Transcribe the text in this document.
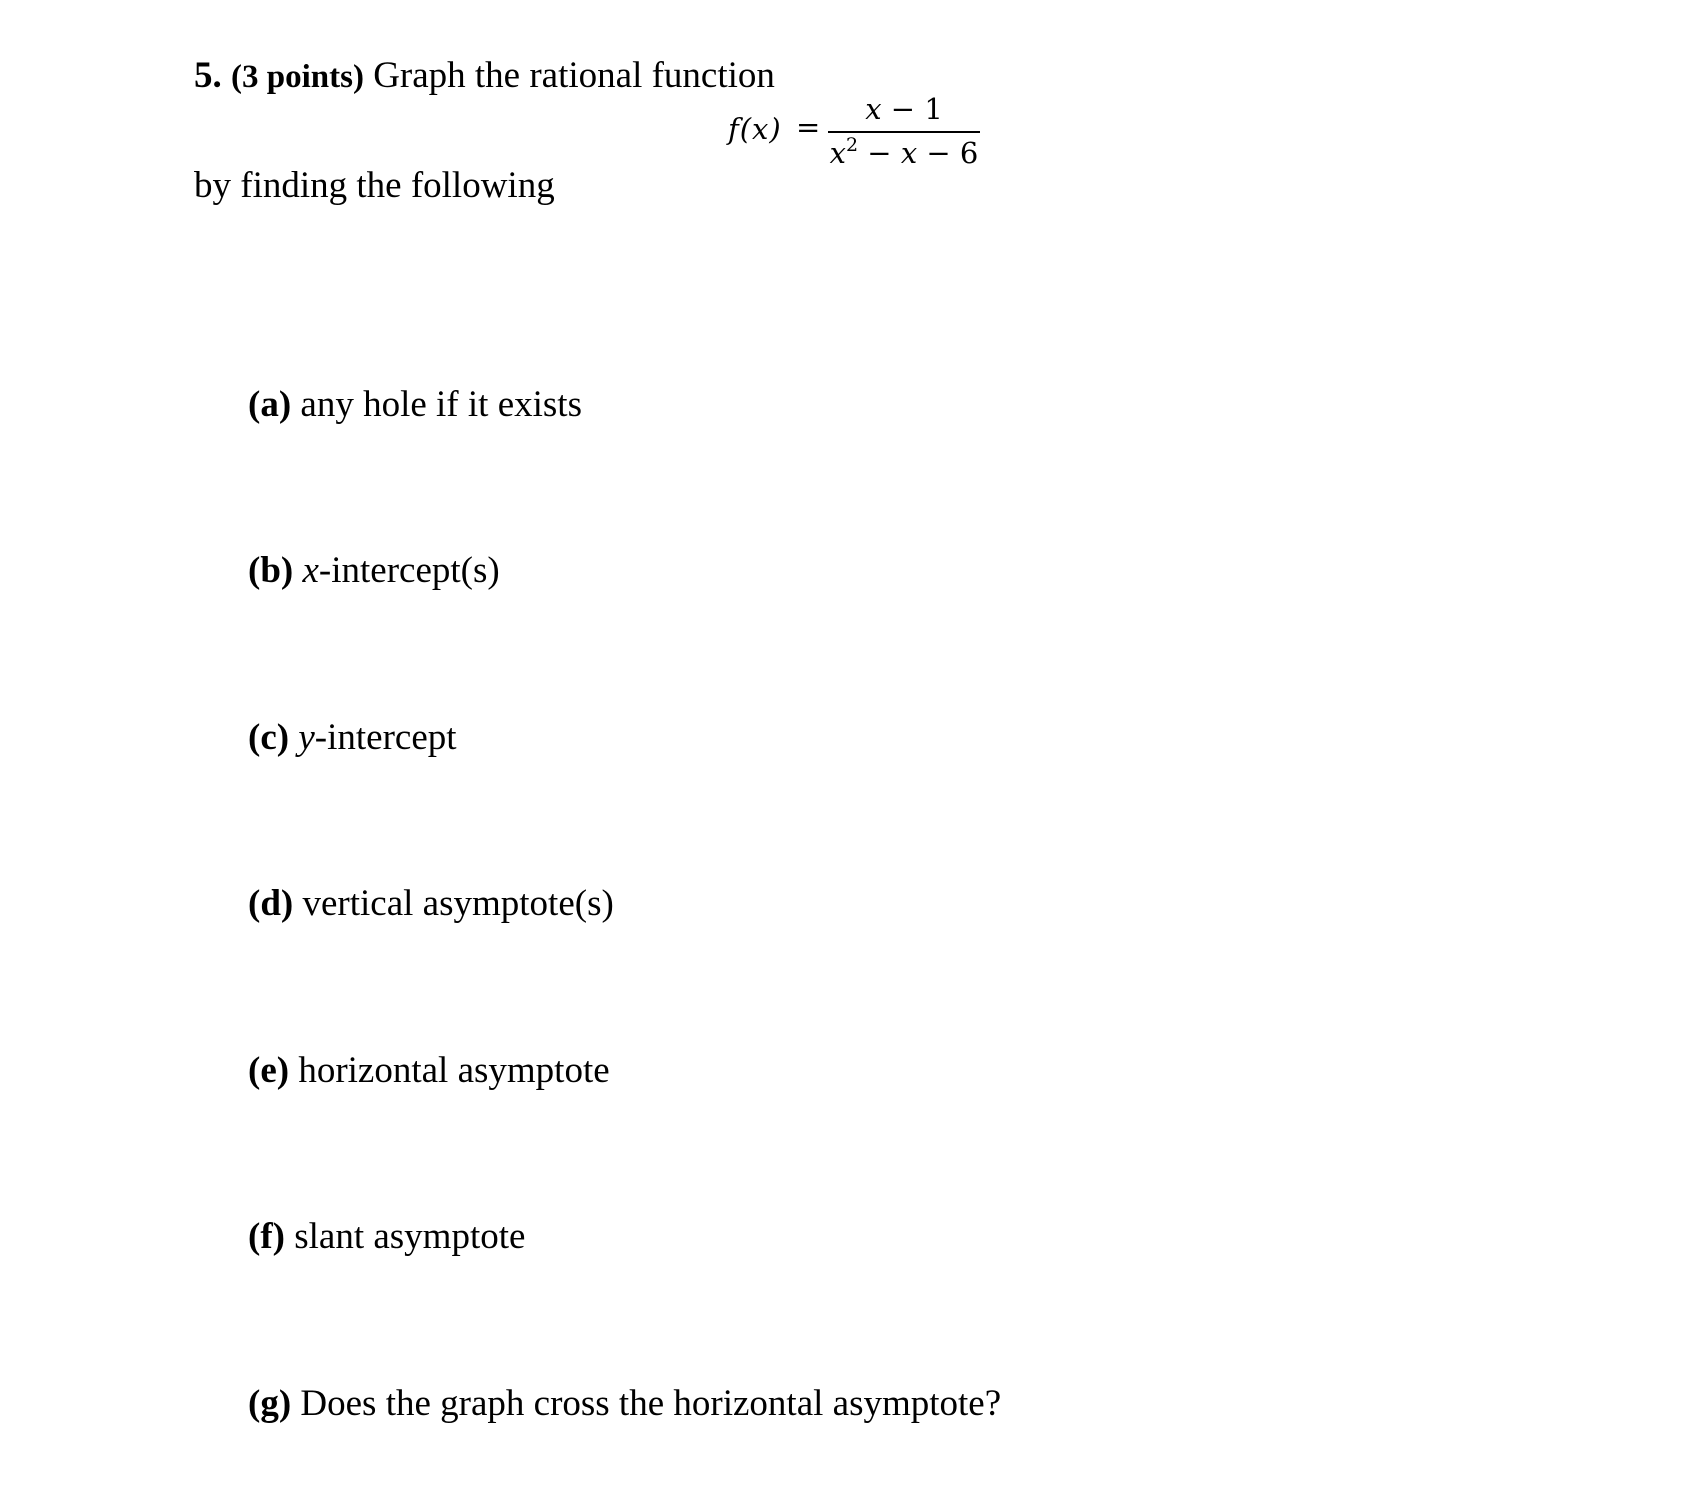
5. (3 points) Graph the rational function
f(x) =
x − 1
$x^2 - x - 6$
by finding the following
(a) any hole if it exists
(b) x-intercept(s)
(c) y-intercept
(d) vertical asymptote(s)
(e) horizontal asymptote
(f) slant asymptote
(g) Does the graph cross the horizontal asymptote?
